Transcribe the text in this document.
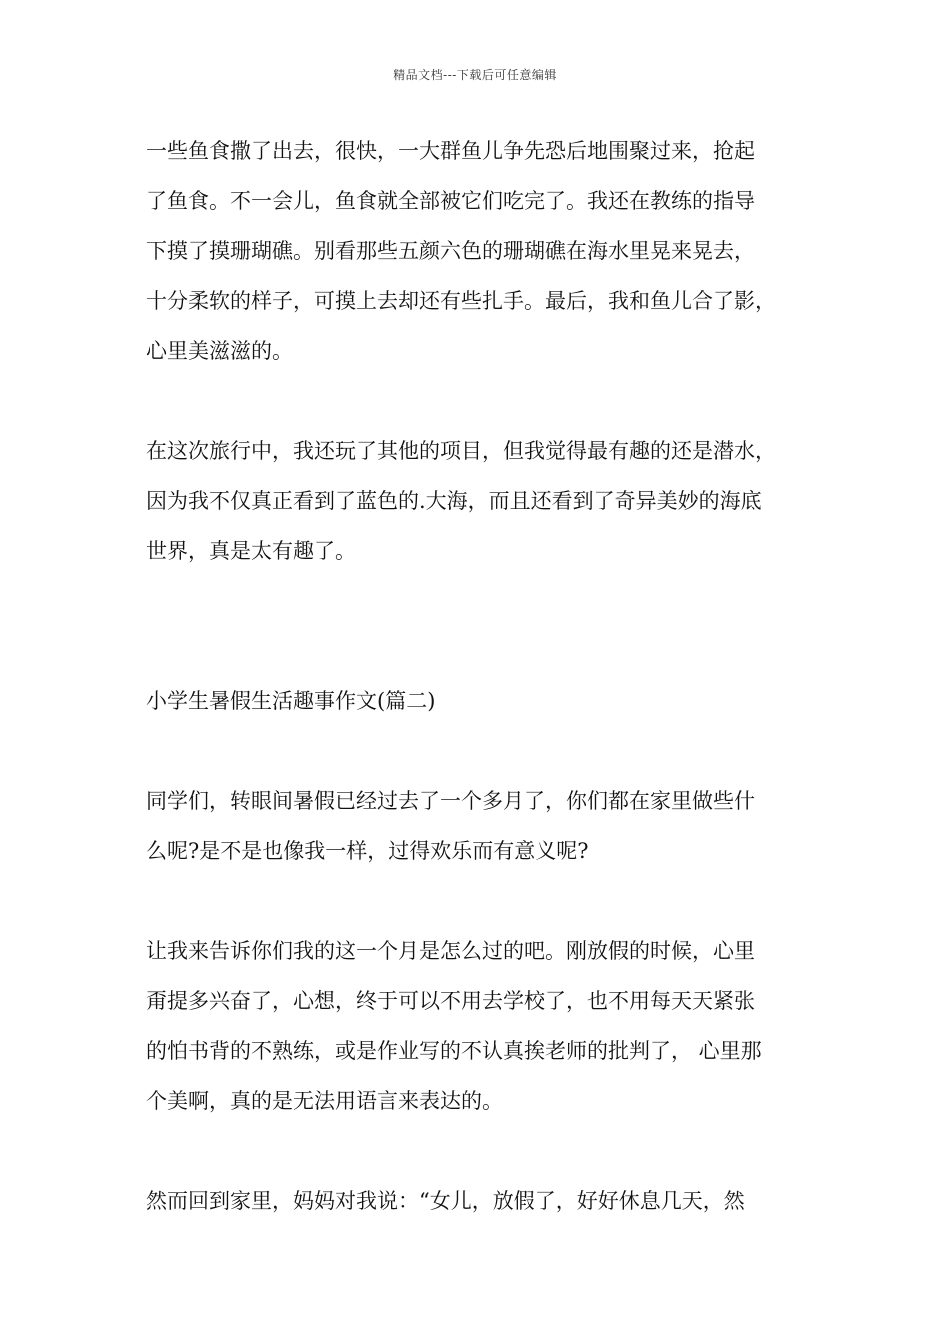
精品文档---下载后可任意编辑
一些鱼食撒了出去，很快，一大群鱼儿争先恐后地围聚过来，抢起
了鱼食。不一会儿，鱼食就全部被它们吃完了。我还在教练的指导
下摸了摸珊瑚礁。别看那些五颜六色的珊瑚礁在海水里晃来晃去，
十分柔软的样子，可摸上去却还有些扎手。最后，我和鱼儿合了影，
心里美滋滋的。
在这次旅行中，我还玩了其他的项目，但我觉得最有趣的还是潜水，
因为我不仅真正看到了蓝色的.大海，而且还看到了奇异美妙的海底
世界，真是太有趣了。
小学生暑假生活趣事作文(篇二)
同学们，转眼间暑假已经过去了一个多月了，你们都在家里做些什
么呢?是不是也像我一样，过得欢乐而有意义呢?
让我来告诉你们我的这一个月是怎么过的吧。刚放假的时候，心里
甭提多兴奋了，心想，终于可以不用去学校了，也不用每天天紧张
的怕书背的不熟练，或是作业写的不认真挨老师的批判了， 心里那
个美啊，真的是无法用语言来表达的。
然而回到家里，妈妈对我说：“女儿，放假了，好好休息几天，然
